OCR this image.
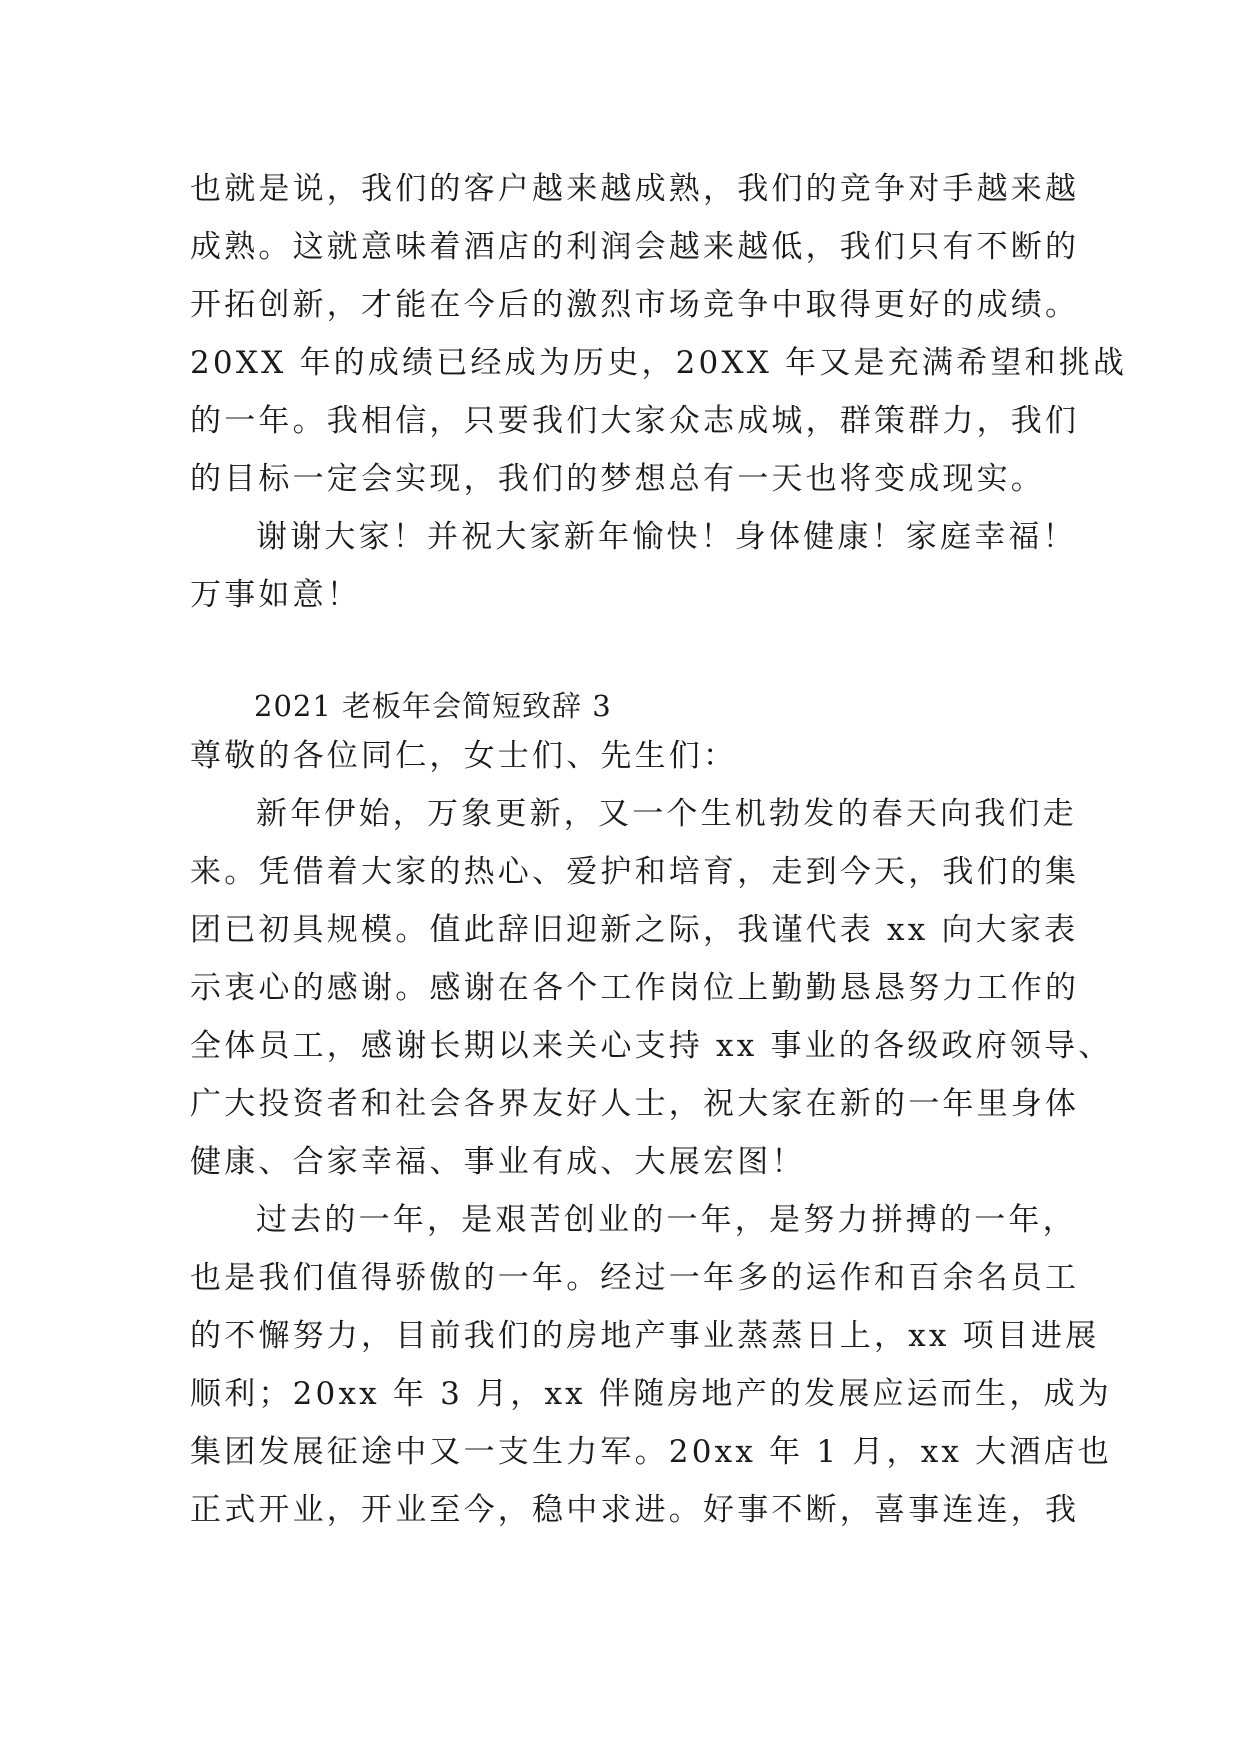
也就是说，我们的客户越来越成熟，我们的竞争对手越来越
成熟。这就意味着酒店的利润会越来越低，我们只有不断的
开拓创新，才能在今后的激烈市场竞争中取得更好的成绩。
20XX 年的成绩已经成为历史，20XX 年又是充满希望和挑战
的一年。我相信，只要我们大家众志成城，群策群力，我们
的目标一定会实现，我们的梦想总有一天也将变成现实。
谢谢大家！并祝大家新年愉快！身体健康！家庭幸福！
万事如意！
2021 老板年会简短致辞 3
尊敬的各位同仁，女士们、先生们：
新年伊始，万象更新，又一个生机勃发的春天向我们走
来。凭借着大家的热心、爱护和培育，走到今天，我们的集
团已初具规模。值此辞旧迎新之际，我谨代表 xx 向大家表
示衷心的感谢。感谢在各个工作岗位上勤勤恳恳努力工作的
全体员工，感谢长期以来关心支持 xx 事业的各级政府领导、
广大投资者和社会各界友好人士，祝大家在新的一年里身体
健康、合家幸福、事业有成、大展宏图！
过去的一年，是艰苦创业的一年，是努力拼搏的一年，
也是我们值得骄傲的一年。经过一年多的运作和百余名员工
的不懈努力，目前我们的房地产事业蒸蒸日上，xx 项目进展
顺利；20xx 年 3 月，xx 伴随房地产的发展应运而生，成为
集团发展征途中又一支生力军。20xx 年 1 月，xx 大酒店也
正式开业，开业至今，稳中求进。好事不断，喜事连连，我
